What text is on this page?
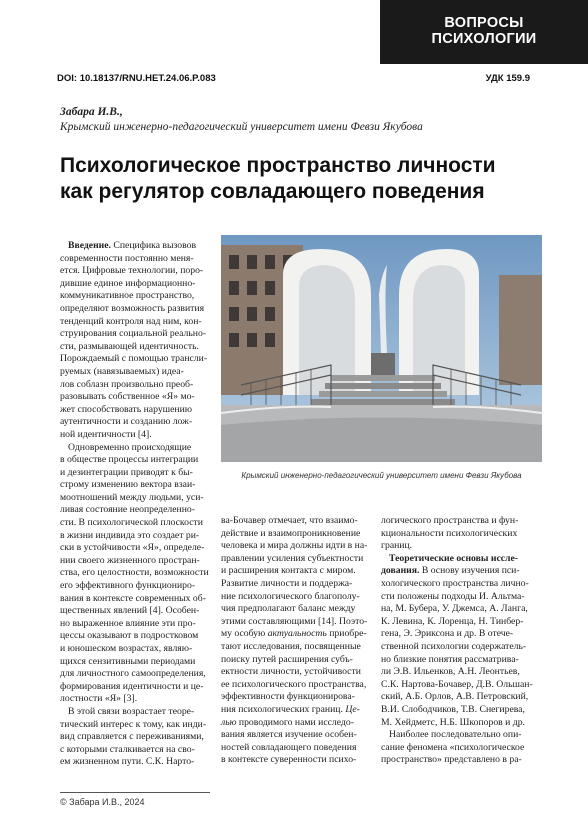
ВОПРОСЫ
ПСИХОЛОГИИ
DOI: 10.18137/RNU.HET.24.06.P.083	УДК 159.9
Забара И.В.,
Крымский инженерно-педагогический университет имени Февзи Якубова
Психологическое пространство личности
как регулятор совладающего поведения
Крымский инженерно-педагогический университет имени Февзи Якубова

Введение. Специфика вызовов

современности постоянно меня-

ется. Цифровые технологии, поро-

дившие единое информационно-

коммуникативное пространство,

определяют возможность развития

тенденций контроля над ним, кон-

струирования социальной реально-

сти, размывающей идентичность.

Порождаемый с помощью трансли-

руемых (навязываемых) идеа-

лов соблазн произвольно преоб-

разовывать собственное «Я» мо-

жет способствовать нарушению

аутентичности и созданию лож-

ной идентичности [4].

Одновременно происходящие

в обществе процессы интеграции

и дезинтеграции приводят к бы-

строму изменению вектора взаи-

моотношений между людьми, уси-

ливая состояние неопределенно-

сти. В психологической плоскости

в жизни индивида это создает ри-

ски в устойчивости «Я», определе-

нии своего жизненного простран-

ства, его целостности, возможности

его эффективного функциониро-

вания в контексте современных об-

щественных явлений [4]. Особен-

но выраженное влияние эти про-

цессы оказывают в подростковом

и юношеском возрастах, являю-

щихся сензитивными периодами

для личностного самоопределения,

формирования идентичности и це-

лостности «Я» [3].

В этой связи возрастает теоре-

тический интерес к тому, как инди-

вид справляется с переживаниями,

с которыми сталкивается на сво-

ем жизненном пути. С.К. Нарто-

ва-Бочавер отмечает, что взаимо-

действие и взаимопроникновение

человека и мира должны идти в на-

правлении усиления субъектности

и расширения контакта с миром.

Развитие личности и поддержа-

ние психологического благополу-

чия предполагают баланс между

этими составляющими [14]. Поэто-

му особую актуальность приобре-

тают исследования, посвященные

поиску путей расширения субъ-

ектности личности, устойчивости

ее психологического пространства,

эффективности функционирова-

ния психологических границ. Це-

лью проводимого нами исследо-

вания является изучение особен-

ностей совладающего поведения

в контексте суверенности психо-

логического пространства и фун-

кциональности психологических

границ.

Теоретические основы иссле-

дования. В основу изучения пси-

хологического пространства лично-

сти положены подходы И. Альтма-

на, М. Бубера, У. Джемса, А. Ланга,

К. Левина, К. Лоренца, Н. Тинбер-

гена, Э. Эриксона и др. В отече-

ственной психологии содержатель-

но близкие понятия рассматрива-

ли Э.В. Ильенков, А.Н. Леонтьев,

С.К. Нартова-Бочавер, Д.В. Ольшан-

ский, А.Б. Орлов, А.В. Петровский,

В.И. Слободчиков, Т.В. Снегирева,

М. Хейдметс, Н.Б. Шкопоров и др.

Наиболее последовательно опи-

сание феномена «психологическое

пространство» представлено в ра-

© Забара И.В., 2024
